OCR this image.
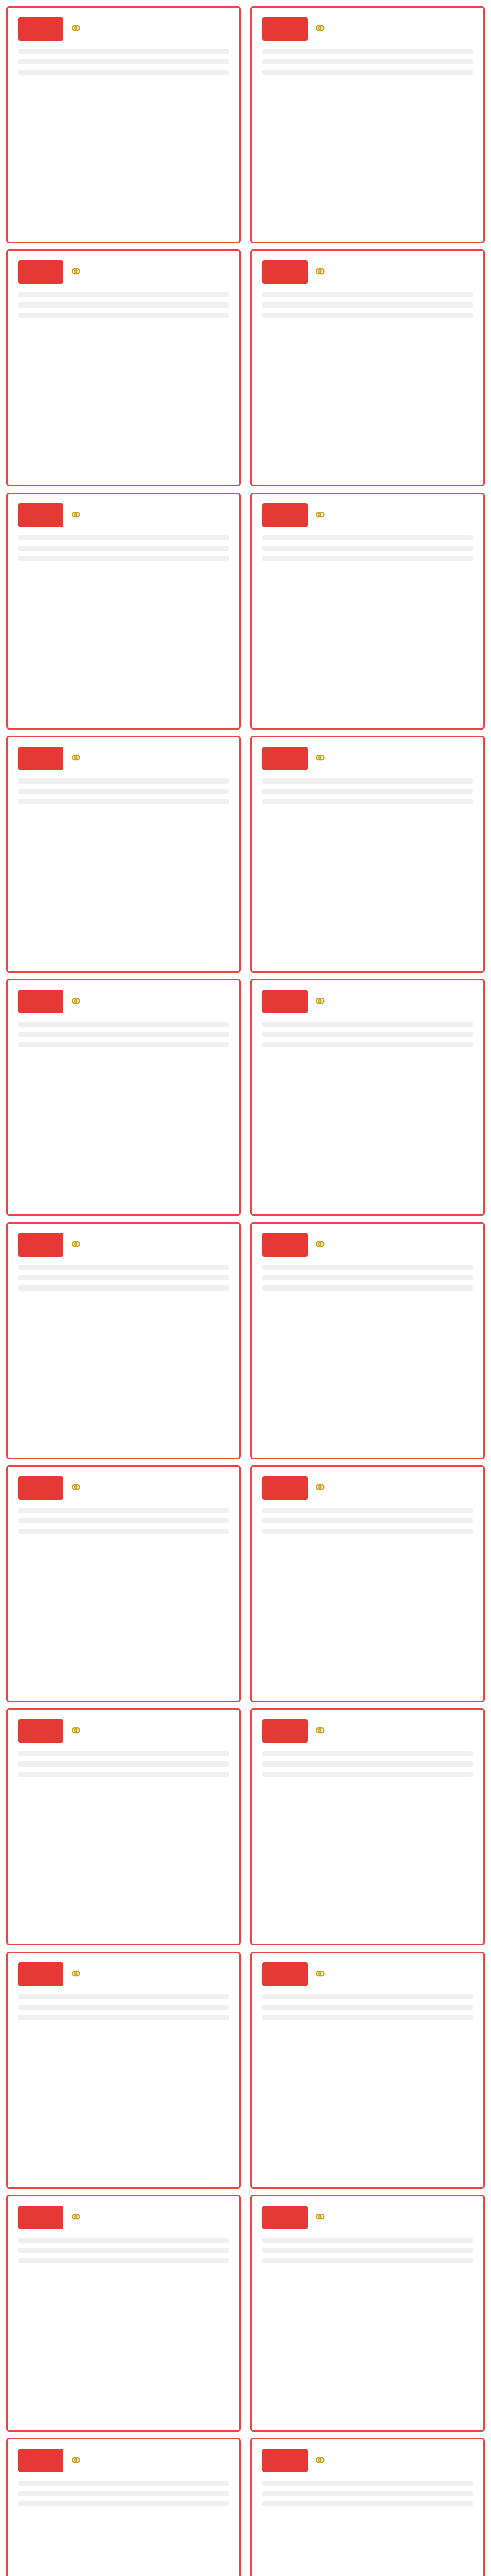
⚭	⚭
⚭	⚭
⚭	⚭
⚭	⚭
⚭	⚭
⚭	⚭
⚭	⚭
⚭	⚭
⚭	⚭
⚭	⚭
⚭	⚭
